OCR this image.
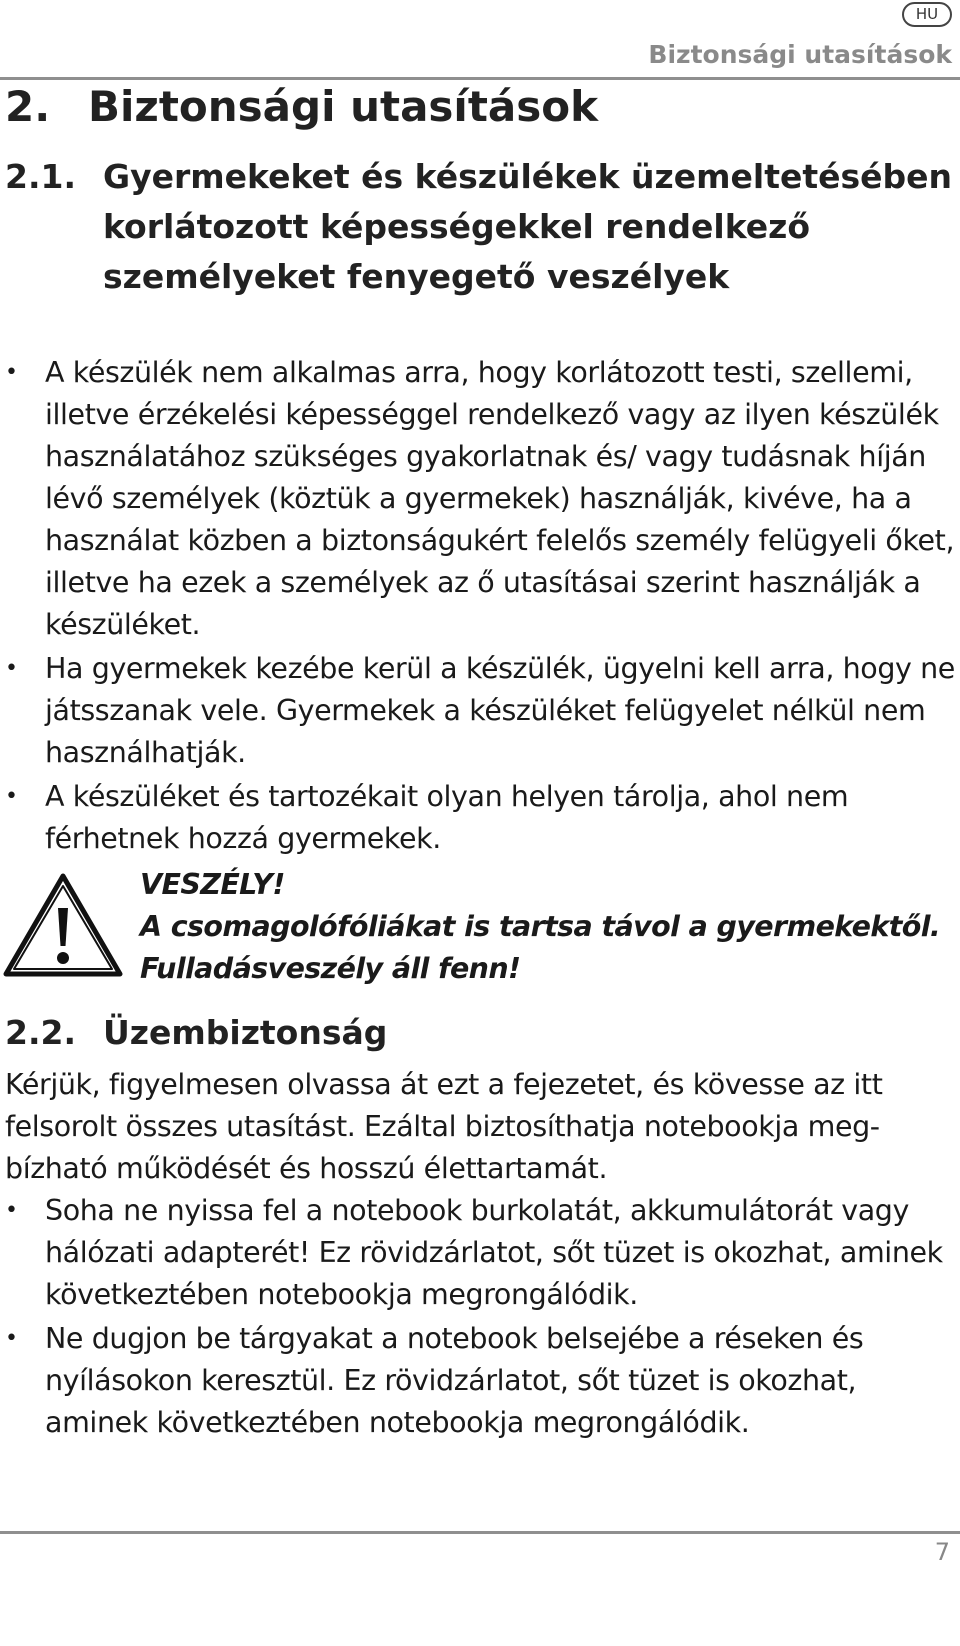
HU
Biztonsági utasítások
2. Biztonsági utasítások
2.1. Gyermekeket és készülékek üzemeltetésében korlátozott képességekkel rendelkező személyeket fenyegető veszélyek
• A készülék nem alkalmas arra, hogy korlátozott testi, szellemi, illetve érzékelési képességgel rendelkező vagy az ilyen készülék használatához szükséges gyakorlatnak és/ vagy tudásnak híján lévő személyek (köztük a gyermekek) használják, kivéve, ha a használat közben a biztonságukért felelős személy felügyeli őket, illetve ha ezek a személyek az ő utasításai szerint használják a készüléket.
• Ha gyermekek kezébe kerül a készülék, ügyelni kell arra, hogy ne játsszanak vele. Gyermekek a készüléket felügyelet nélkül nem használhatják.
• A készüléket és tartozékait olyan helyen tárolja, ahol nem férhetnek hozzá gyermekek.
VESZÉLY!
A csomagolófóliákat is tartsa távol a gyermekektől.
Fulladásveszély áll fenn!
2.2. Üzembiztonság

Kérjük, figyelmesen olvassa át ezt a fejezetet, és kövesse az itt felsorolt összes utasítást. Ezáltal biztosíthatja notebookja megbízható működését és hosszú élettartamát.

• Soha ne nyissa fel a notebook burkolatát, akkumulátorát vagy hálózati adapterét! Ez rövidzárlatot, sőt tüzet is okozhat, aminek következtében notebookja megrongálódik.
• Ne dugjon be tárgyakat a notebook belsejébe a réseken és nyílásokon keresztül. Ez rövidzárlatot, sőt tüzet is okozhat, aminek következtében notebookja megrongálódik.
7
